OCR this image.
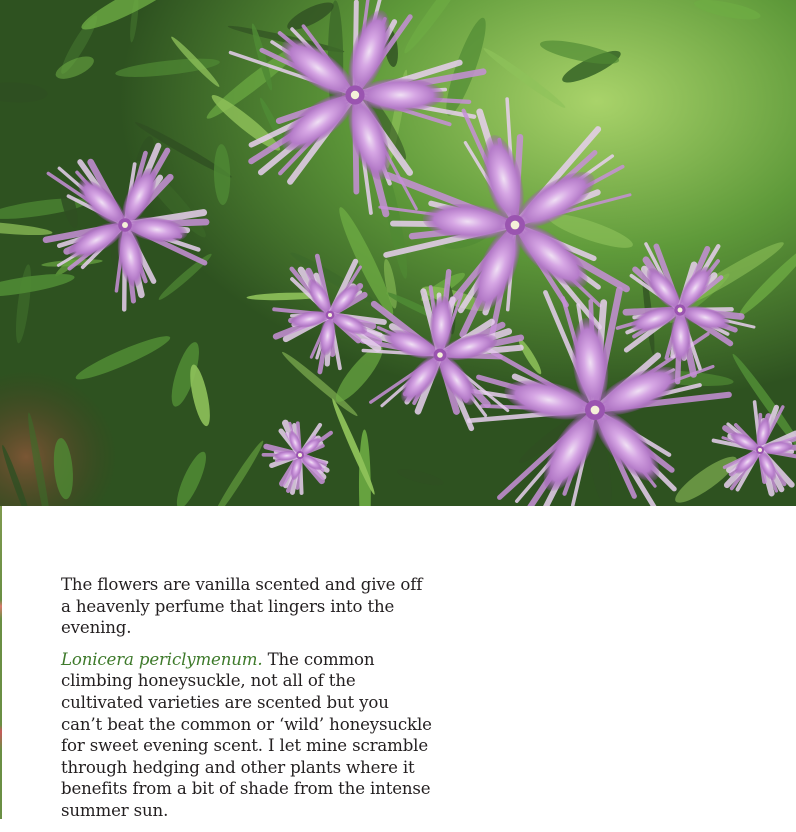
The flowers are vanilla scented and give off a heavenly perfume that lingers into the evening.

Lonicera periclymenum. The common climbing honeysuckle, not all of the cultivated varieties are scented but you can’t beat the common or ‘wild’ honeysuckle for sweet evening scent. I let mine scramble through hedging and other plants where it benefits from a bit of shade from the intense summer sun.
